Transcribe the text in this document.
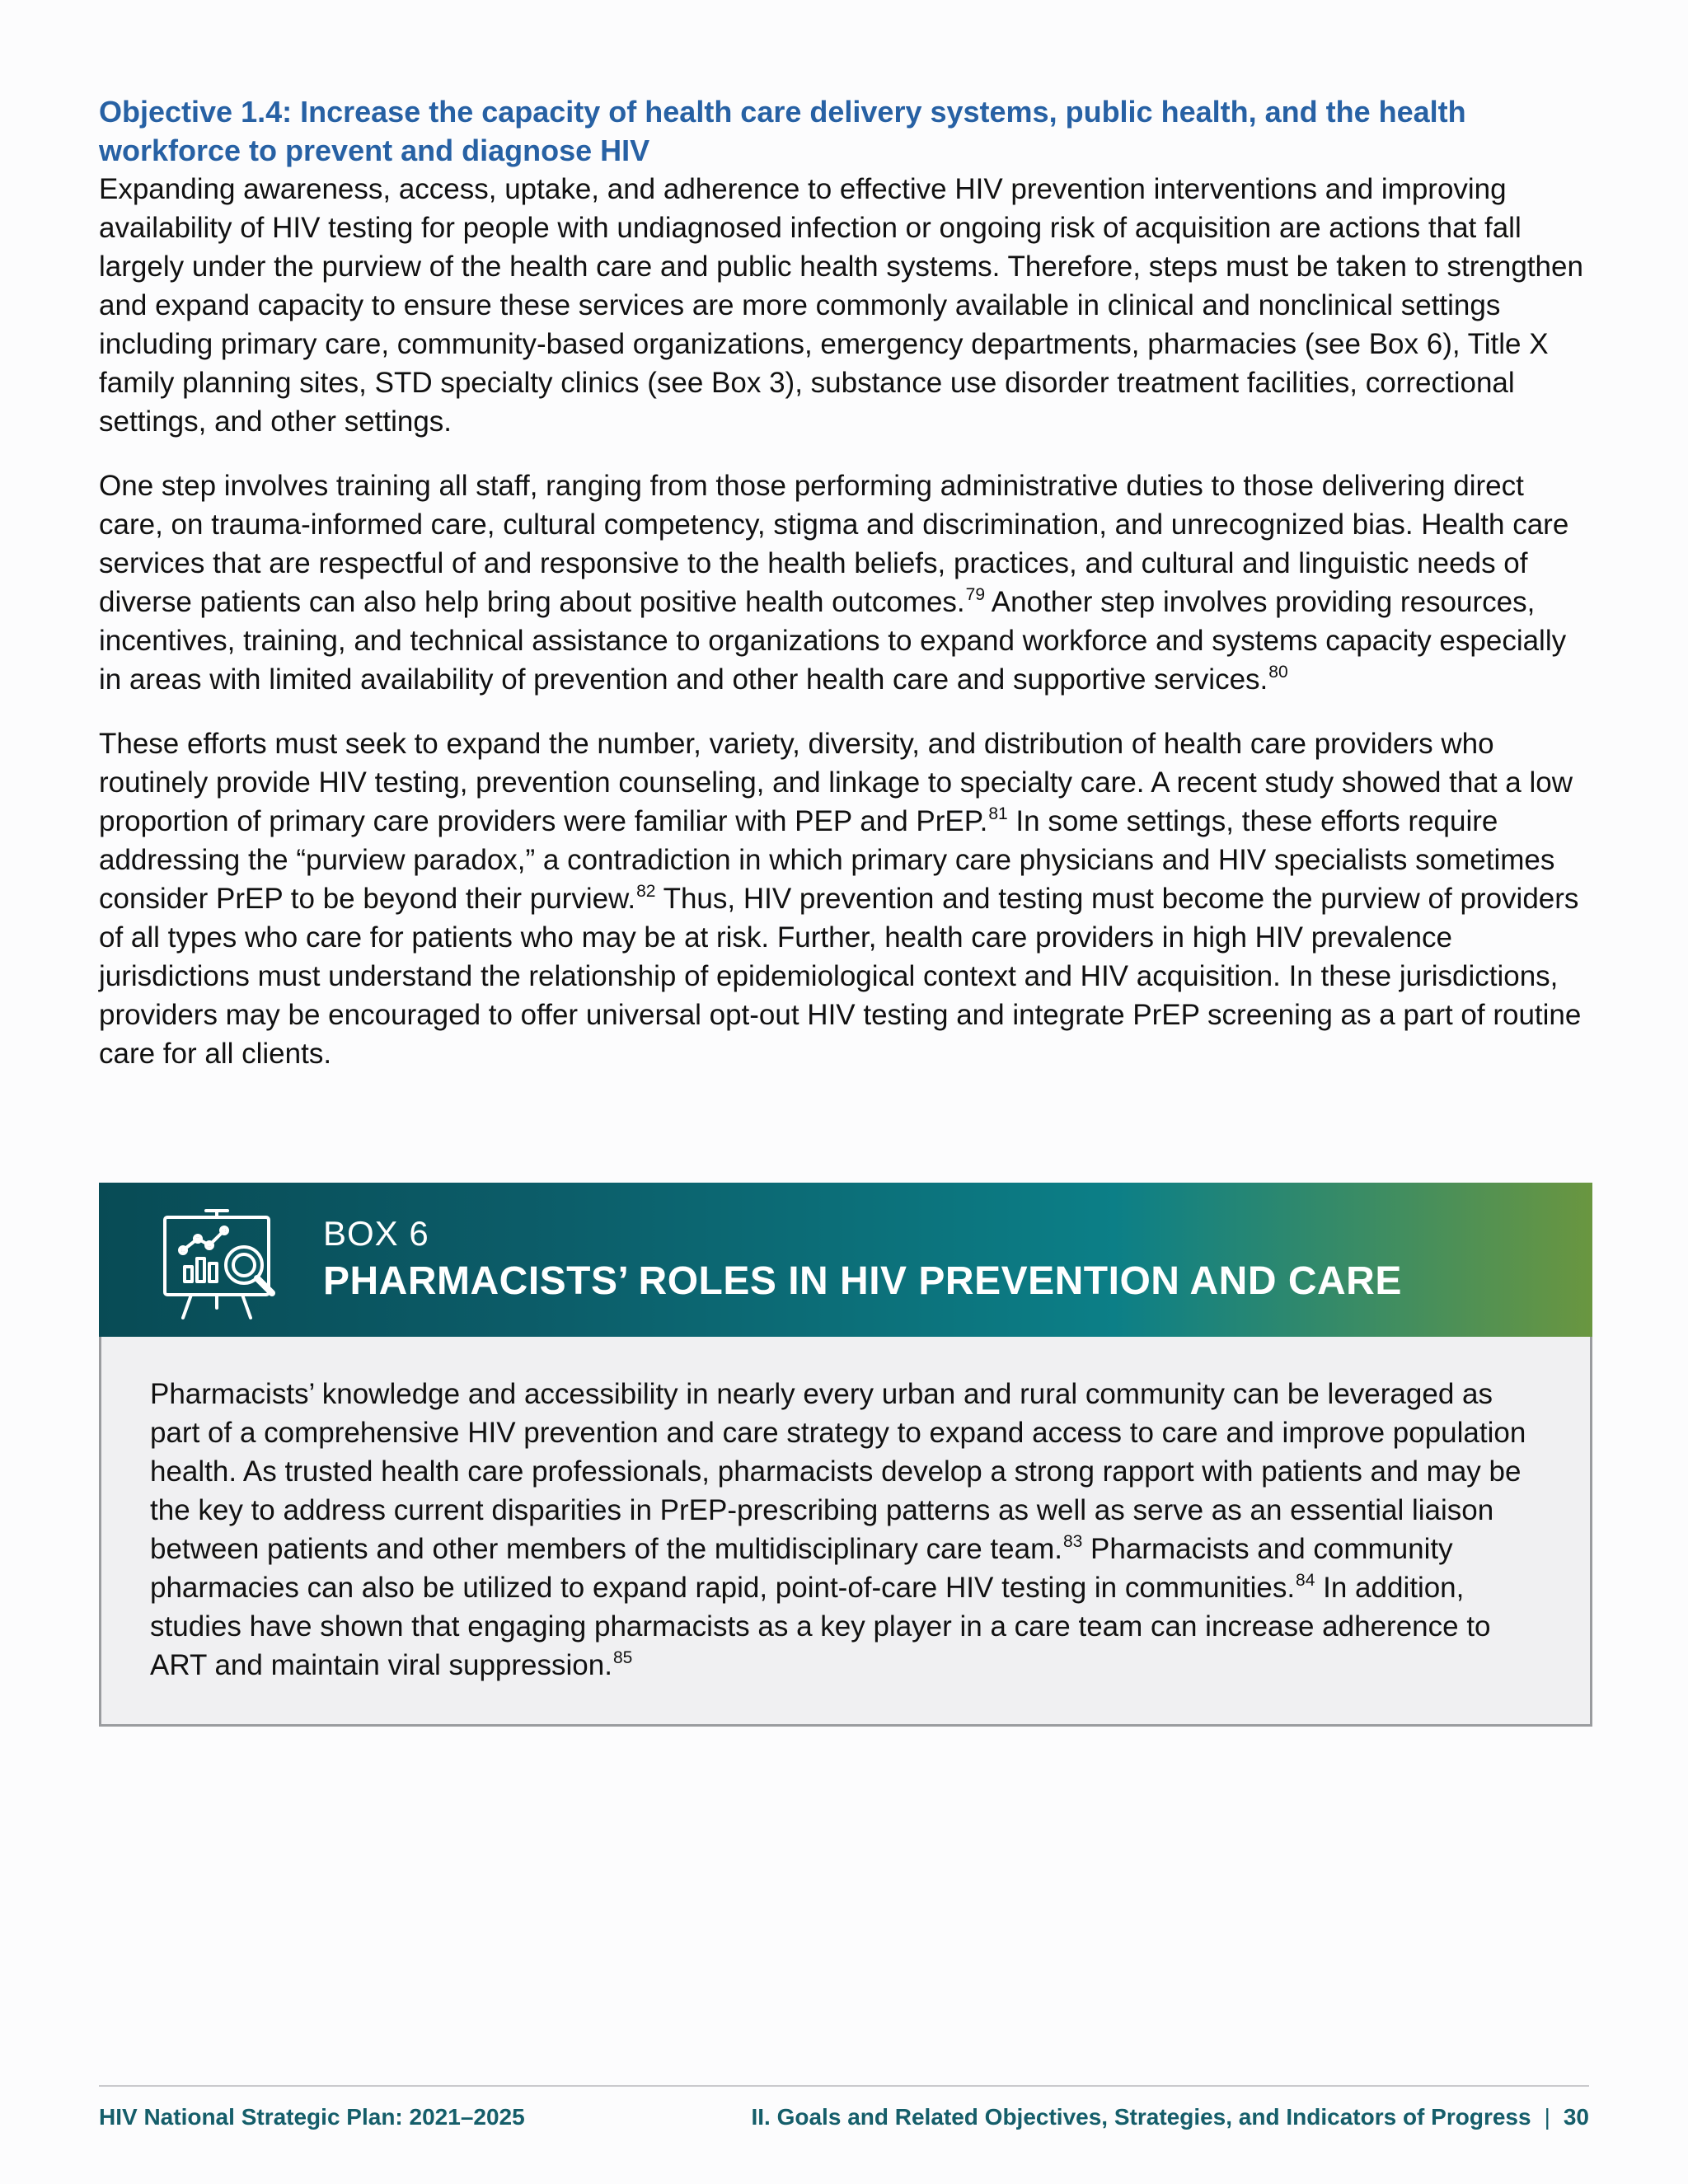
Objective 1.4: Increase the capacity of health care delivery systems, public health, and the health workforce to prevent and diagnose HIV

Expanding awareness, access, uptake, and adherence to effective HIV prevention interventions and improving availability of HIV testing for people with undiagnosed infection or ongoing risk of acquisition are actions that fall largely under the purview of the health care and public health systems. Therefore, steps must be taken to strengthen and expand capacity to ensure these services are more commonly available in clinical and nonclinical settings including primary care, community-based organizations, emergency departments, pharmacies (see Box 6), Title X family planning sites, STD specialty clinics (see Box 3), substance use disorder treatment facilities, correctional settings, and other settings.

One step involves training all staff, ranging from those performing administrative duties to those delivering direct care, on trauma-informed care, cultural competency, stigma and discrimination, and unrecognized bias. Health care services that are respectful of and responsive to the health beliefs, practices, and cultural and linguistic needs of diverse patients can also help bring about positive health outcomes.$^{79}$ Another step involves providing resources, incentives, training, and technical assistance to organizations to expand workforce and systems capacity especially in areas with limited availability of prevention and other health care and supportive services.$^{80}$

These efforts must seek to expand the number, variety, diversity, and distribution of health care providers who routinely provide HIV testing, prevention counseling, and linkage to specialty care. A recent study showed that a low proportion of primary care providers were familiar with PEP and PrEP.$^{81}$ In some settings, these efforts require addressing the “purview paradox,” a contradiction in which primary care physicians and HIV specialists sometimes consider PrEP to be beyond their purview.$^{82}$ Thus, HIV prevention and testing must become the purview of providers of all types who care for patients who may be at risk. Further, health care providers in high HIV prevalence jurisdictions must understand the relationship of epidemiological context and HIV acquisition. In these jurisdictions, providers may be encouraged to offer universal opt-out HIV testing and integrate PrEP screening as a part of routine care for all clients.

BOX 6
PHARMACISTS’ ROLES IN HIV PREVENTION AND CARE

Pharmacists’ knowledge and accessibility in nearly every urban and rural community can be leveraged as part of a comprehensive HIV prevention and care strategy to expand access to care and improve population health. As trusted health care professionals, pharmacists develop a strong rapport with patients and may be the key to address current disparities in PrEP-prescribing patterns as well as serve as an essential liaison between patients and other members of the multidisciplinary care team.$^{83}$ Pharmacists and community pharmacies can also be utilized to expand rapid, point-of-care HIV testing in communities.$^{84}$ In addition, studies have shown that engaging pharmacists as a key player in a care team can increase adherence to ART and maintain viral suppression.$^{85}$

HIV National Strategic Plan: 2021–2025	II. Goals and Related Objectives, Strategies, and Indicators of Progress | 30
